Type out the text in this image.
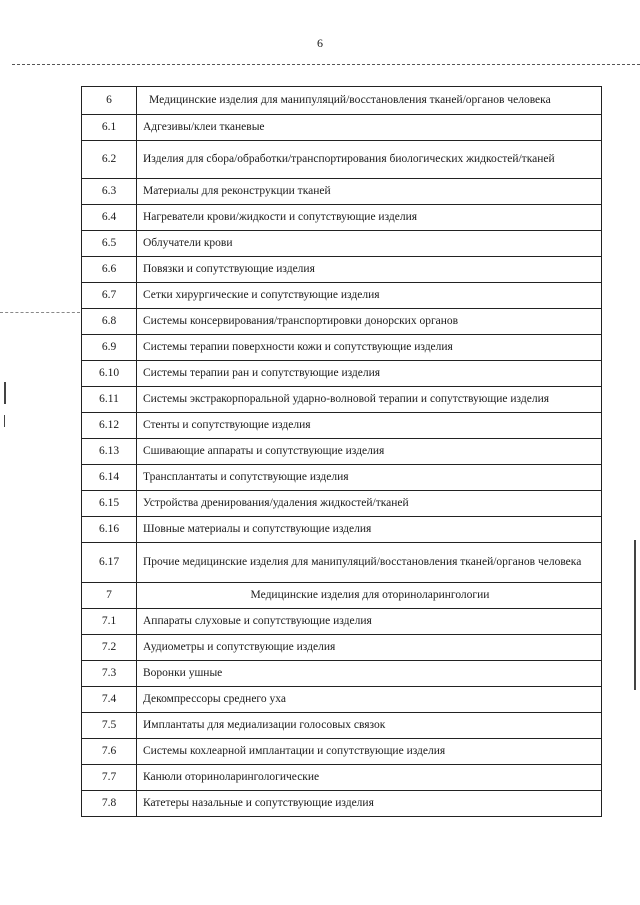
6
6	Медицинские изделия для манипуляций/восстановления тканей/органов человека
6.1	Адгезивы/клеи тканевые
6.2	Изделия для сбора/обработки/транспортирования биологических жидкостей/тканей
6.3	Материалы для реконструкции тканей
6.4	Нагреватели крови/жидкости и сопутствующие изделия
6.5	Облучатели крови
6.6	Повязки и сопутствующие изделия
6.7	Сетки хирургические и сопутствующие изделия
6.8	Системы консервирования/транспортировки донорских органов
6.9	Системы терапии поверхности кожи и сопутствующие изделия
6.10	Системы терапии ран и сопутствующие изделия
6.11	Системы экстракорпоральной ударно-волновой терапии и сопутствующие изделия
6.12	Стенты и сопутствующие изделия
6.13	Сшивающие аппараты и сопутствующие изделия
6.14	Трансплантаты и сопутствующие изделия
6.15	Устройства дренирования/удаления жидкостей/тканей
6.16	Шовные материалы и сопутствующие изделия
6.17	Прочие медицинские изделия для манипуляций/восстановления тканей/органов человека
7	Медицинские изделия для оториноларингологии
7.1	Аппараты слуховые и сопутствующие изделия
7.2	Аудиометры и сопутствующие изделия
7.3	Воронки ушные
7.4	Декомпрессоры среднего уха
7.5	Имплантаты для медиализации голосовых связок
7.6	Системы кохлеарной имплантации и сопутствующие изделия
7.7	Канюли оториноларингологические
7.8	Катетеры назальные и сопутствующие изделия
